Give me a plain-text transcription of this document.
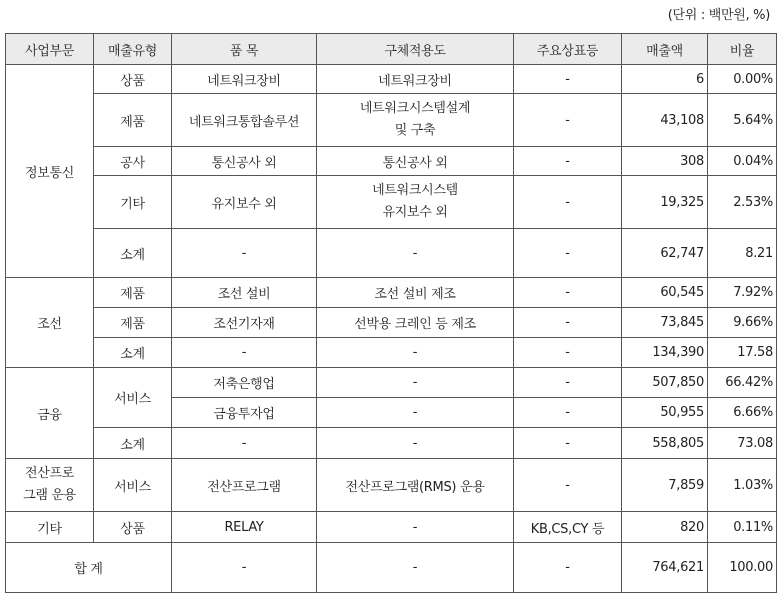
(단위 : 백만원, %)
사업부문	매출유형	품 목	구체적용도	주요상표등	매출액	비율
정보통신	상품	네트워크장비	네트워크장비	-	6	0.00%
	제품	네트워크통합솔루션	네트워크시스템설계
및 구축	-	43,108	5.64%
	공사	통신공사 외	통신공사 외	-	308	0.04%
	기타	유지보수 외	네트워크시스템
유지보수 외	-	19,325	2.53%
	소계	-	-	-	62,747	8.21
조선	제품	조선 설비	조선 설비 제조	-	60,545	7.92%
	제품	조선기자재	선박용 크레인 등 제조	-	73,845	9.66%
	소계	-	-	-	134,390	17.58
금융	서비스	저축은행업	-	-	507,850	66.42%
		금융투자업	-	-	50,955	6.66%
	소계	-	-	-	558,805	73.08
전산프로
그램 운용	서비스	전산프로그램	전산프로그램(RMS) 운용	-	7,859	1.03%
기타	상품	RELAY	-	KB,CS,CY 등	820	0.11%
합 계		-	-	-	764,621	100.00
